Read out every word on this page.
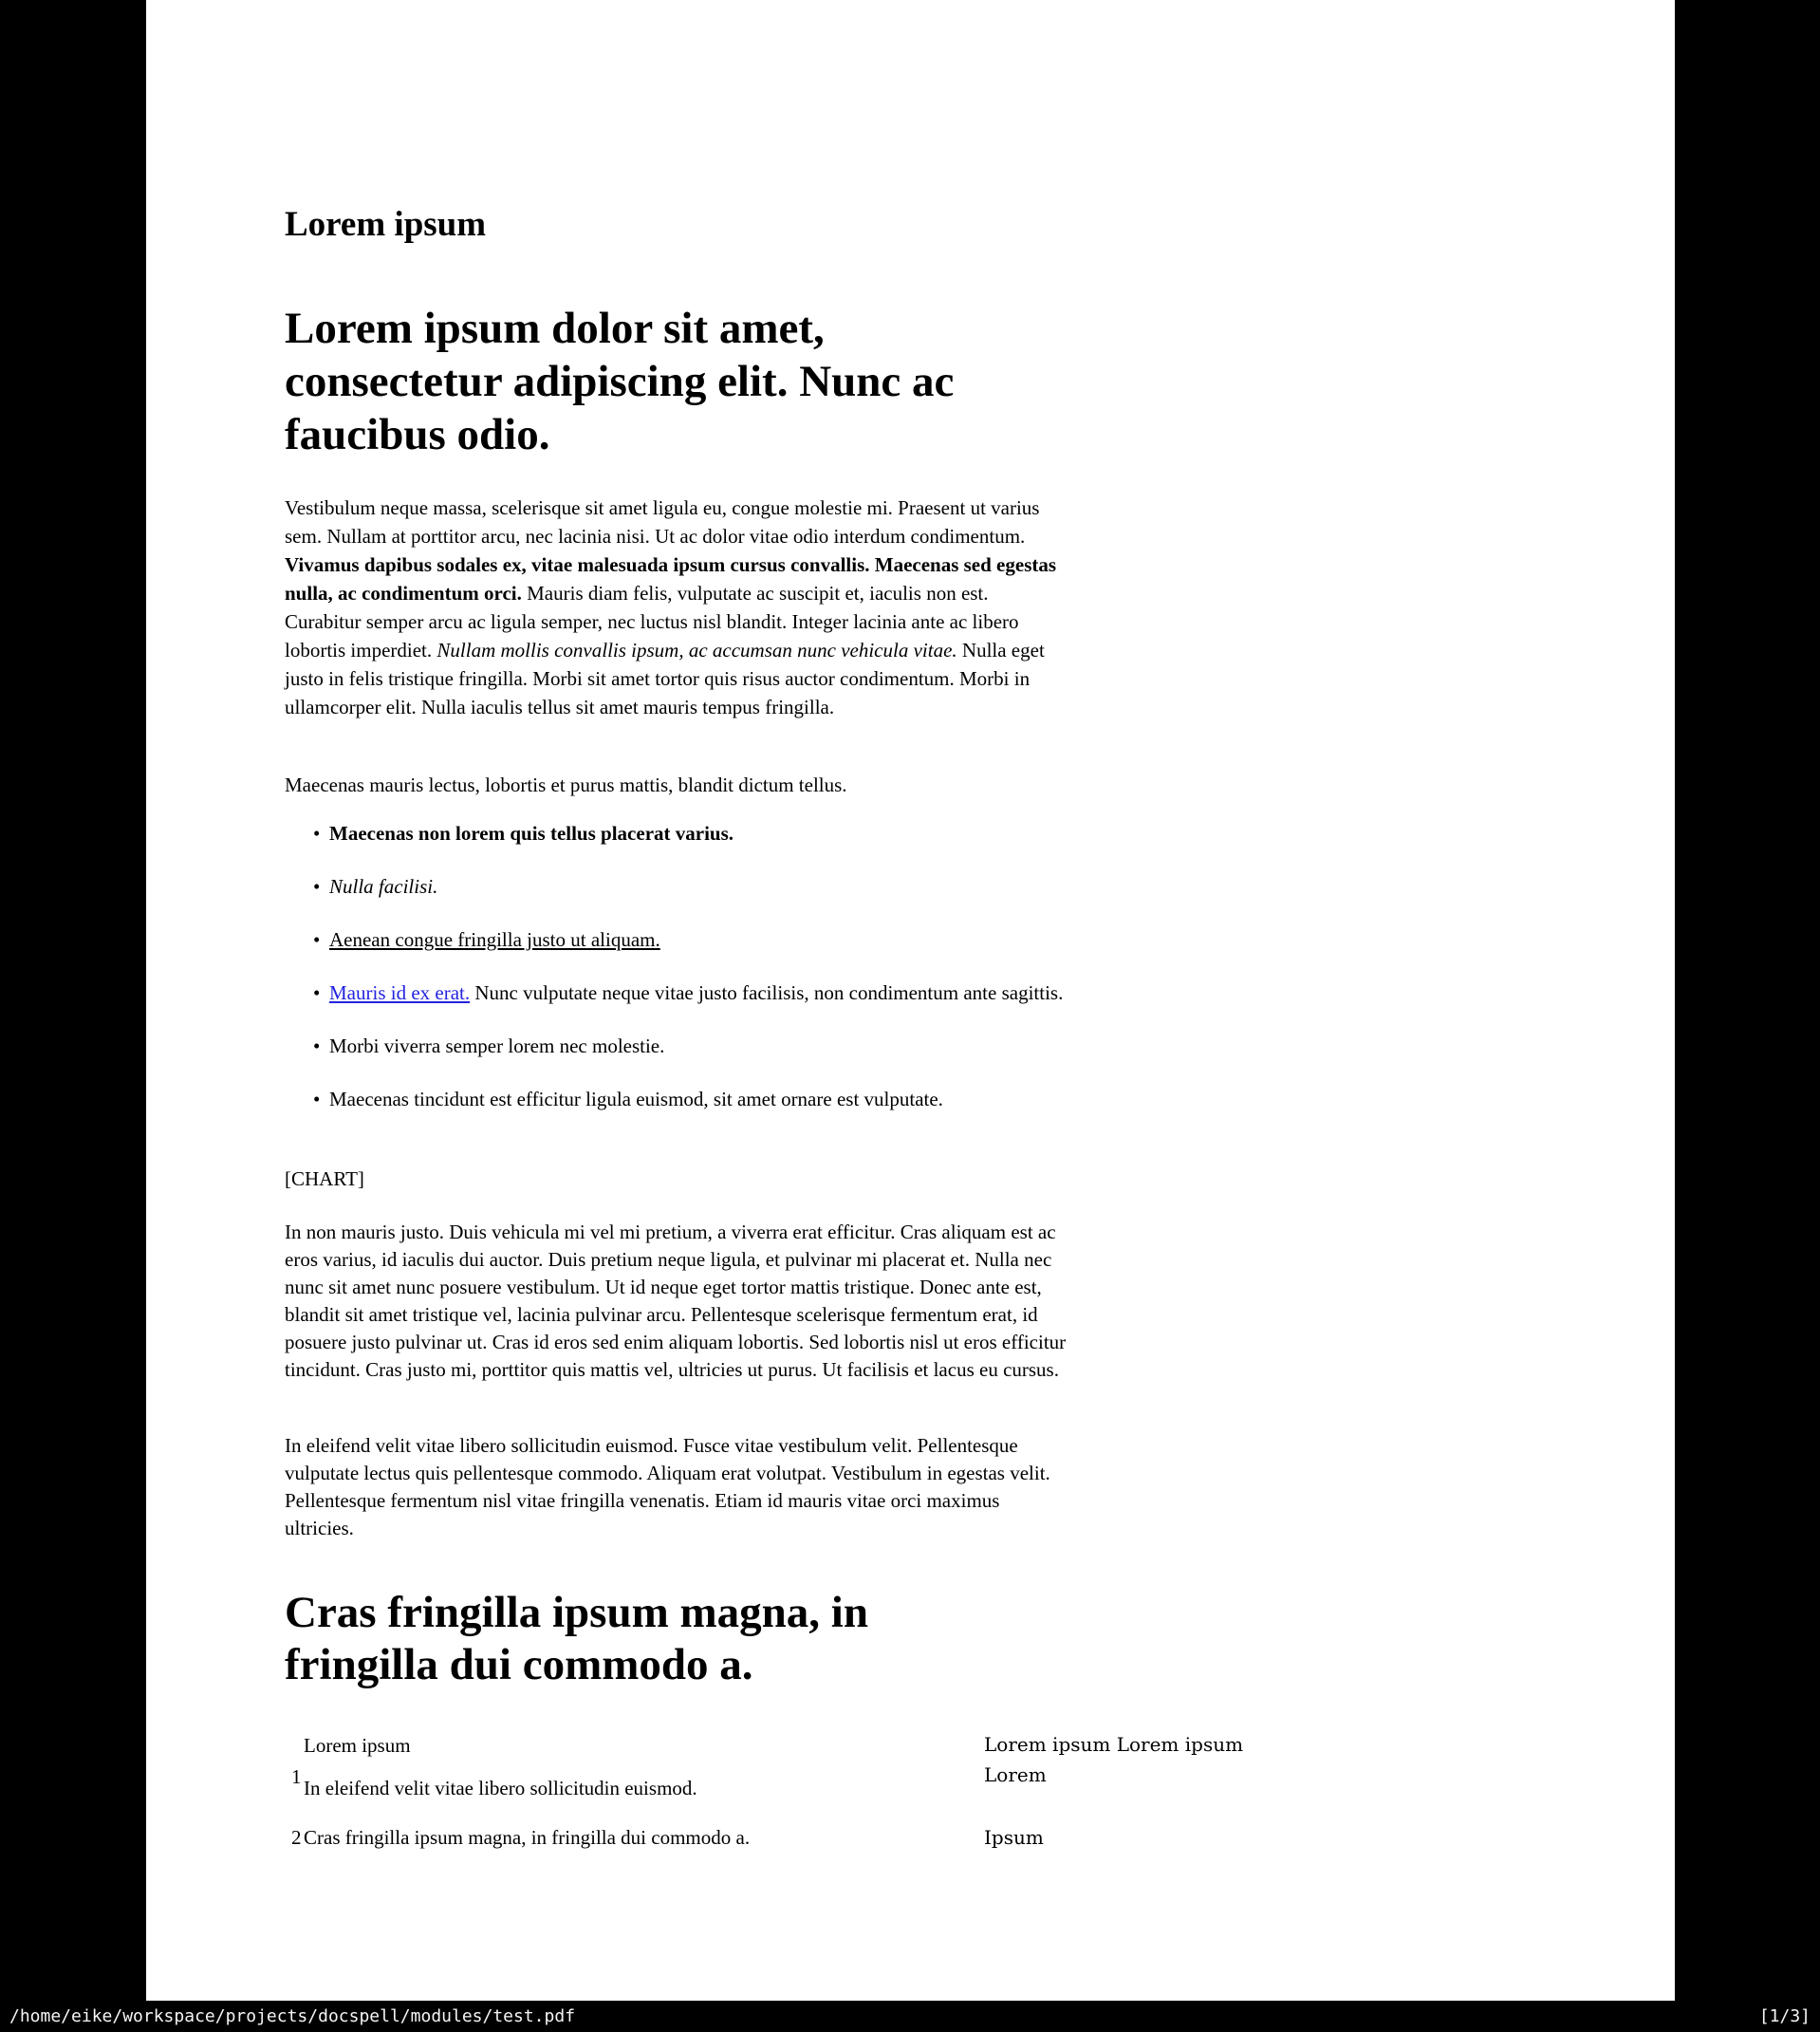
Lorem ipsum
Lorem ipsum dolor sit amet,
consectetur adipiscing elit. Nunc ac
faucibus odio.

Vestibulum neque massa, scelerisque sit amet ligula eu, congue molestie mi. Praesent ut varius sem. Nullam at porttitor arcu, nec lacinia nisi. Ut ac dolor vitae odio interdum condimentum. Vivamus dapibus sodales ex, vitae malesuada ipsum cursus convallis. Maecenas sed egestas nulla, ac condimentum orci. Mauris diam felis, vulputate ac suscipit et, iaculis non est. Curabitur semper arcu ac ligula semper, nec luctus nisl blandit. Integer lacinia ante ac libero lobortis imperdiet. Nullam mollis convallis ipsum, ac accumsan nunc vehicula vitae. Nulla eget justo in felis tristique fringilla. Morbi sit amet tortor quis risus auctor condimentum. Morbi in ullamcorper elit. Nulla iaculis tellus sit amet mauris tempus fringilla.

Maecenas mauris lectus, lobortis et purus mattis, blandit dictum tellus.

• Maecenas non lorem quis tellus placerat varius.
• Nulla facilisi.
• Aenean congue fringilla justo ut aliquam.
• Mauris id ex erat. Nunc vulputate neque vitae justo facilisis, non condimentum ante sagittis.
• Morbi viverra semper lorem nec molestie.
• Maecenas tincidunt est efficitur ligula euismod, sit amet ornare est vulputate.

[CHART]

In non mauris justo. Duis vehicula mi vel mi pretium, a viverra erat efficitur. Cras aliquam est ac eros varius, id iaculis dui auctor. Duis pretium neque ligula, et pulvinar mi placerat et. Nulla nec nunc sit amet nunc posuere vestibulum. Ut id neque eget tortor mattis tristique. Donec ante est, blandit sit amet tristique vel, lacinia pulvinar arcu. Pellentesque scelerisque fermentum erat, id posuere justo pulvinar ut. Cras id eros sed enim aliquam lobortis. Sed lobortis nisl ut eros efficitur tincidunt. Cras justo mi, porttitor quis mattis vel, ultricies ut purus. Ut facilisis et lacus eu cursus.

In eleifend velit vitae libero sollicitudin euismod. Fusce vitae vestibulum velit. Pellentesque vulputate lectus quis pellentesque commodo. Aliquam erat volutpat. Vestibulum in egestas velit. Pellentesque fermentum nisl vitae fringilla venenatis. Etiam id mauris vitae orci maximus ultricies.

Cras fringilla ipsum magna, in
fringilla dui commodo a.
Lorem ipsum	Lorem ipsum Lorem ipsum Lorem
1 In eleifend velit vitae libero sollicitudin euismod.
2 Cras fringilla ipsum magna, in fringilla dui commodo a.	Ipsum
/home/eike/workspace/projects/docspell/modules/test.pdf	[1/3]
